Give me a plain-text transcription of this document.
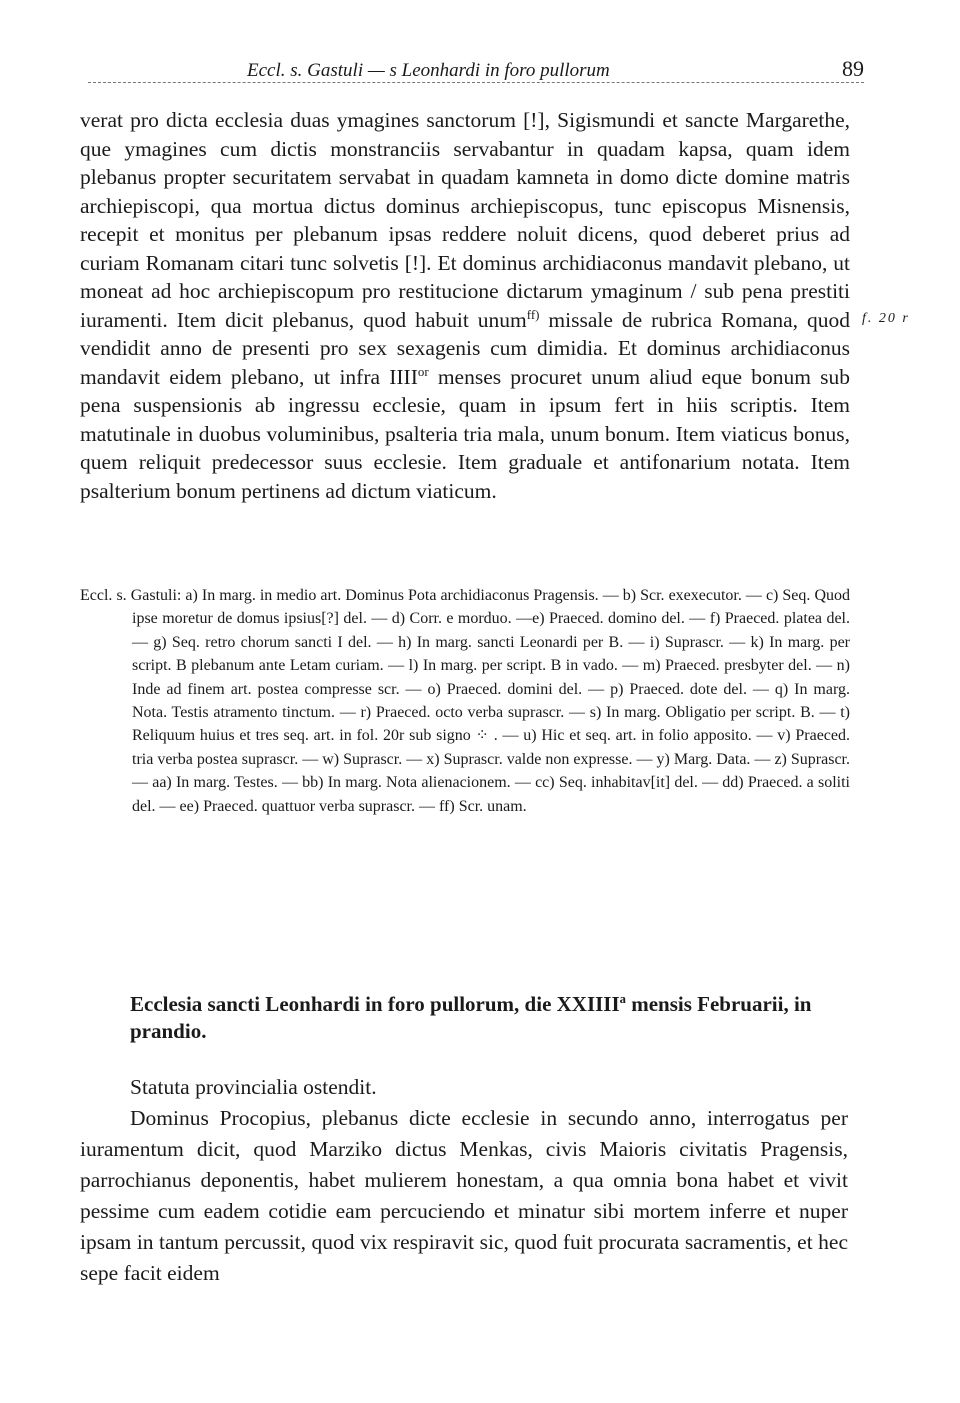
Eccl. s. Gastuli — s Leonhardi in foro pullorum	89

verat pro dicta ecclesia duas ymagines sanctorum [!], Sigismundi et sancte Margarethe, que ymagines cum dictis monstranciis servabantur in quadam kapsa, quam idem plebanus propter securitatem servabat in quadam kamneta in domo dicte domine matris archiepiscopi, qua mortua dictus dominus archiepiscopus, tunc episcopus Misnensis, recepit et monitus per plebanum ipsas reddere noluit dicens, quod deberet prius ad curiam Romanam citari tunc solvetis [!]. Et dominus archidiaconus mandavit plebano, ut moneat ad hoc archiepiscopum pro restitucione dictarum ymaginum / sub pena prestiti iuramenti. Item dicit plebanus, quod habuit unum$^{ff)}$ missale de rubrica Romana, quod vendidit anno de presenti pro sex sexagenis cum dimidia. Et dominus archidiaconus mandavit eidem plebano, ut infra $IIII^{or}$ menses procuret unum aliud eque bonum sub pena suspensionis ab ingressu ecclesie, quam in ipsum fert in hiis scriptis. Item matutinale in duobus voluminibus, psalteria tria mala, unum bonum. Item viaticus bonus, quem reliquit predecessor suus ecclesie. Item graduale et antifonarium notata. Item psalterium bonum pertinens ad dictum viaticum.

f. 20 r

Eccl. s. Gastuli: a) In marg. in medio art. Dominus Pota archidiaconus Pragensis. — b) Scr. exexecutor. — c) Seq. Quod ipse moretur de domus ipsius[?] del. — d) Corr. e morduo. —e) Praeced. domino del. — f) Praeced. platea del. — g) Seq. retro chorum sancti I del. — h) In marg. sancti Leonardi per B. — i) Suprascr. — k) In marg. per script. B plebanum ante Letam curiam. — l) In marg. per script. B in vado. — m) Praeced. presbyter del. — n) Inde ad finem art. postea compresse scr. — o) Praeced. domini del. — p) Praeced. dote del. — q) In marg. Nota. Testis atramento tinctum. — r) Praeced. octo verba suprascr. — s) In marg. Obligatio per script. B. — t) Reliquum huius et tres seq. art. in fol. 20r sub signo ⁘ . — u) Hic et seq. art. in folio apposito. — v) Praeced. tria verba postea suprascr. — w) Suprascr. — x) Suprascr. valde non expresse. — y) Marg. Data. — z) Suprascr. — aa) In marg. Testes. — bb) In marg. Nota alienacionem. — cc) Seq. inhabitav[it] del. — dd) Praeced. a soliti del. — ee) Praeced. quattuor verba suprascr. — ff) Scr. unam.

Ecclesia sancti Leonhardi in foro pullorum, die XXIIII$^a$ mensis Februarii, in prandio.

Statuta provincialia ostendit.

Dominus Procopius, plebanus dicte ecclesie in secundo anno, interrogatus per iuramentum dicit, quod Marziko dictus Menkas, civis Maioris civitatis Pragensis, parrochianus deponentis, habet mulierem honestam, a qua omnia bona habet et vivit pessime cum eadem cotidie eam percuciendo et minatur sibi mortem inferre et nuper ipsam in tantum percussit, quod vix respiravit sic, quod fuit procurata sacramentis, et hec sepe facit eidem
